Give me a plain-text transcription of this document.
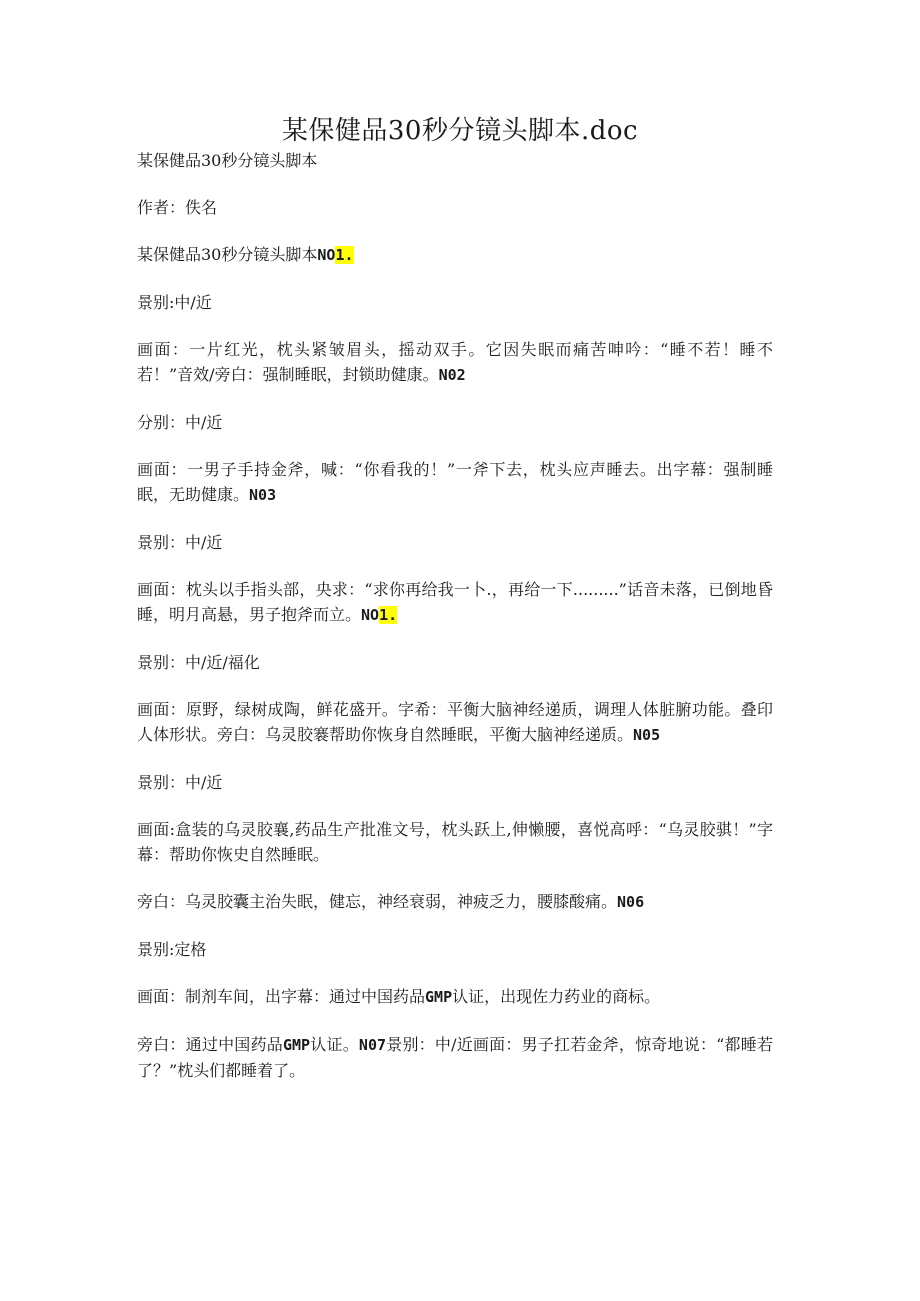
某保健品30秒分镜头脚本.doc

某保健品30秒分镜头脚本

作者：佚名

某保健品30秒分镜头脚本NO1.

景别:中/近

画面：一片红光，枕头紧皱眉头，摇动双手。它因失眠而痛苦呻吟：“睡不若！睡不若！”音效/旁白：强制睡眠，封锁助健康。N02

分别：中/近

画面：一男子手持金斧，喊：“你看我的！”一斧下去，枕头应声睡去。出字幕：强制睡眠，无助健康。N03

景别：中/近

画面：枕头以手指头部，央求：“求你再给我一卜.，再给一下.........”话音未落，已倒地昏睡，明月高悬，男子抱斧而立。NO1.

景别：中/近/福化

画面：原野，绿树成陶，鲜花盛开。字希：平衡大脑神经递质，调理人体脏腑功能。叠印人体形状。旁白：乌灵胶褰帮助你恢身自然睡眠，平衡大脑神经递质。N05

景别：中/近

画面:盒装的乌灵胶襄,药品生产批准文号，枕头跃上,伸懒腰，喜悦高呼：“乌灵胶骐！”字幕：帮助你恢史自然睡眠。

旁白：乌灵胶囊主治失眠，健忘，神经衰弱，神疲乏力，腰膝酸痛。N06

景别:定格

画面：制剂车间，出字幕：通过中国药品GMP认证，出现佐力药业的商标。

旁白：通过中国药品GMP认证。N07景别：中/近画面：男子扛若金斧，惊奇地说：“都睡若了？”枕头们都睡着了。
